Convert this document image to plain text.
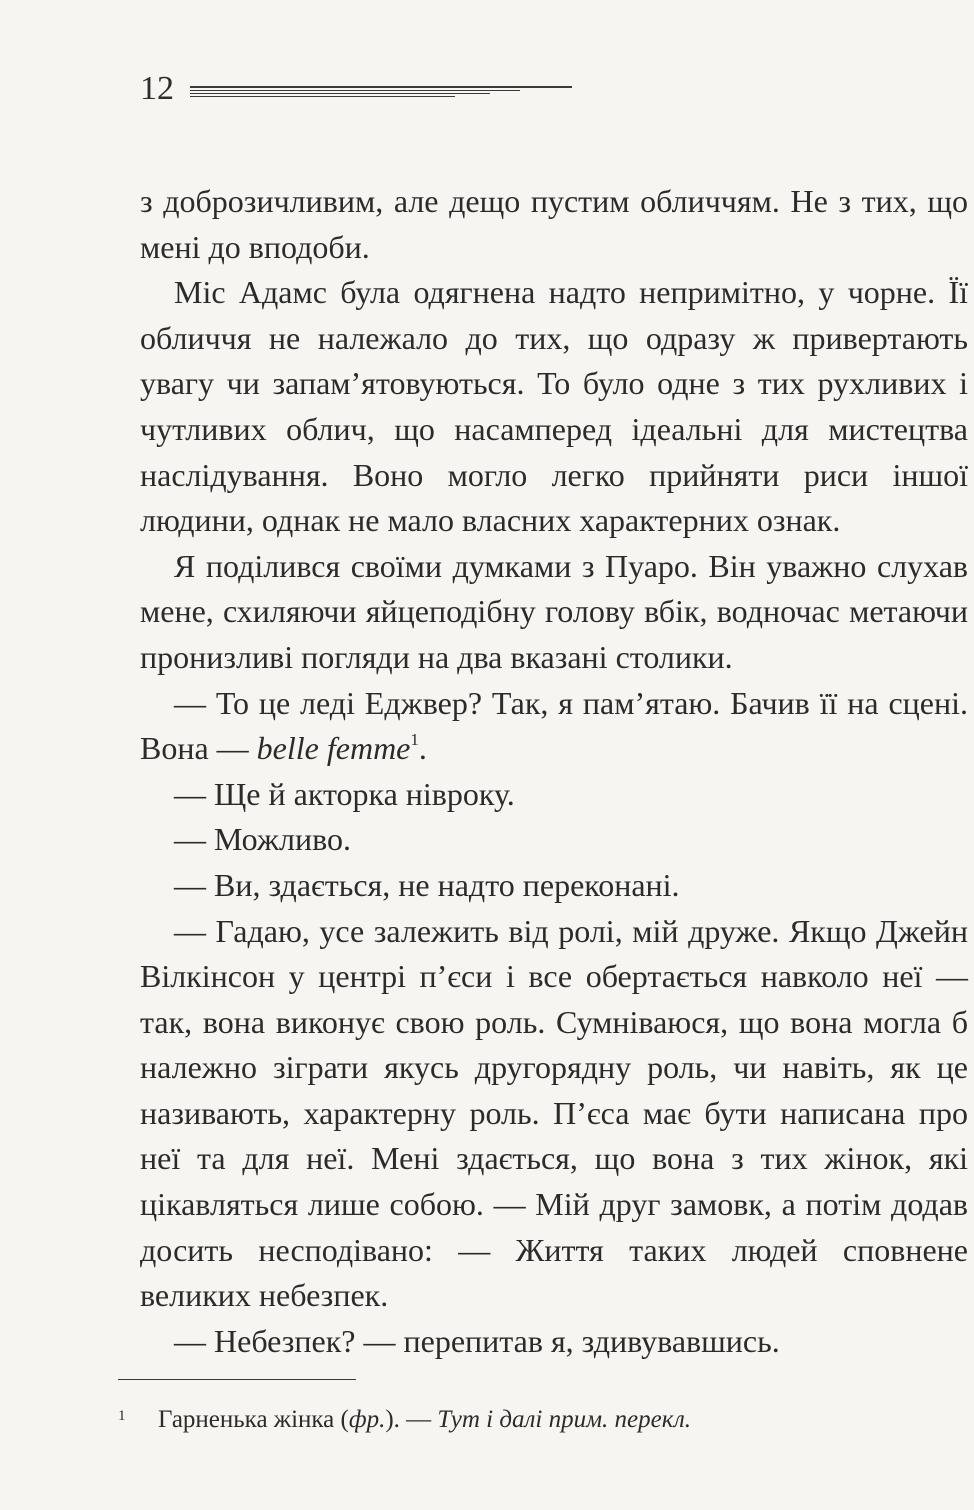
12

з доброзичливим, але дещо пустим обличчям. Не з тих, що мені до вподоби.

Міс Адамс була одягнена надто непримітно, у чорне. Її обличчя не належало до тих, що одразу ж привертають увагу чи запам’ятовуються. То було одне з тих рухливих і чутливих облич, що насамперед ідеальні для мистецтва наслідування. Воно могло легко прийняти риси іншої людини, однак не мало власних характерних ознак.

Я поділився своїми думками з Пуаро. Він уважно слухав мене, схиляючи яйцеподібну голову вбік, водночас метаючи пронизливі погляди на два вказані столики.

— То це леді Еджвер? Так, я пам’ятаю. Бачив її на сцені. Вона — belle femme$^1$.

— Ще й акторка нівроку.

— Можливо.

— Ви, здається, не надто переконані.

— Гадаю, усе залежить від ролі, мій друже. Якщо Джейн Вілкінсон у центрі п’єси і все обертається навколо неї — так, вона виконує свою роль. Сумніваюся, що вона могла б належно зіграти якусь другорядну роль, чи навіть, як це називають, характерну роль. П’єса має бути написана про неї та для неї. Мені здається, що вона з тих жінок, які цікавляться лише собою. — Мій друг замовк, а потім додав досить несподівано: — Життя таких людей сповнене великих небезпек.

— Небезпек? — перепитав я, здивувавшись.

1 Гарненька жінка (фр.). — Тут і далі прим. перекл.
